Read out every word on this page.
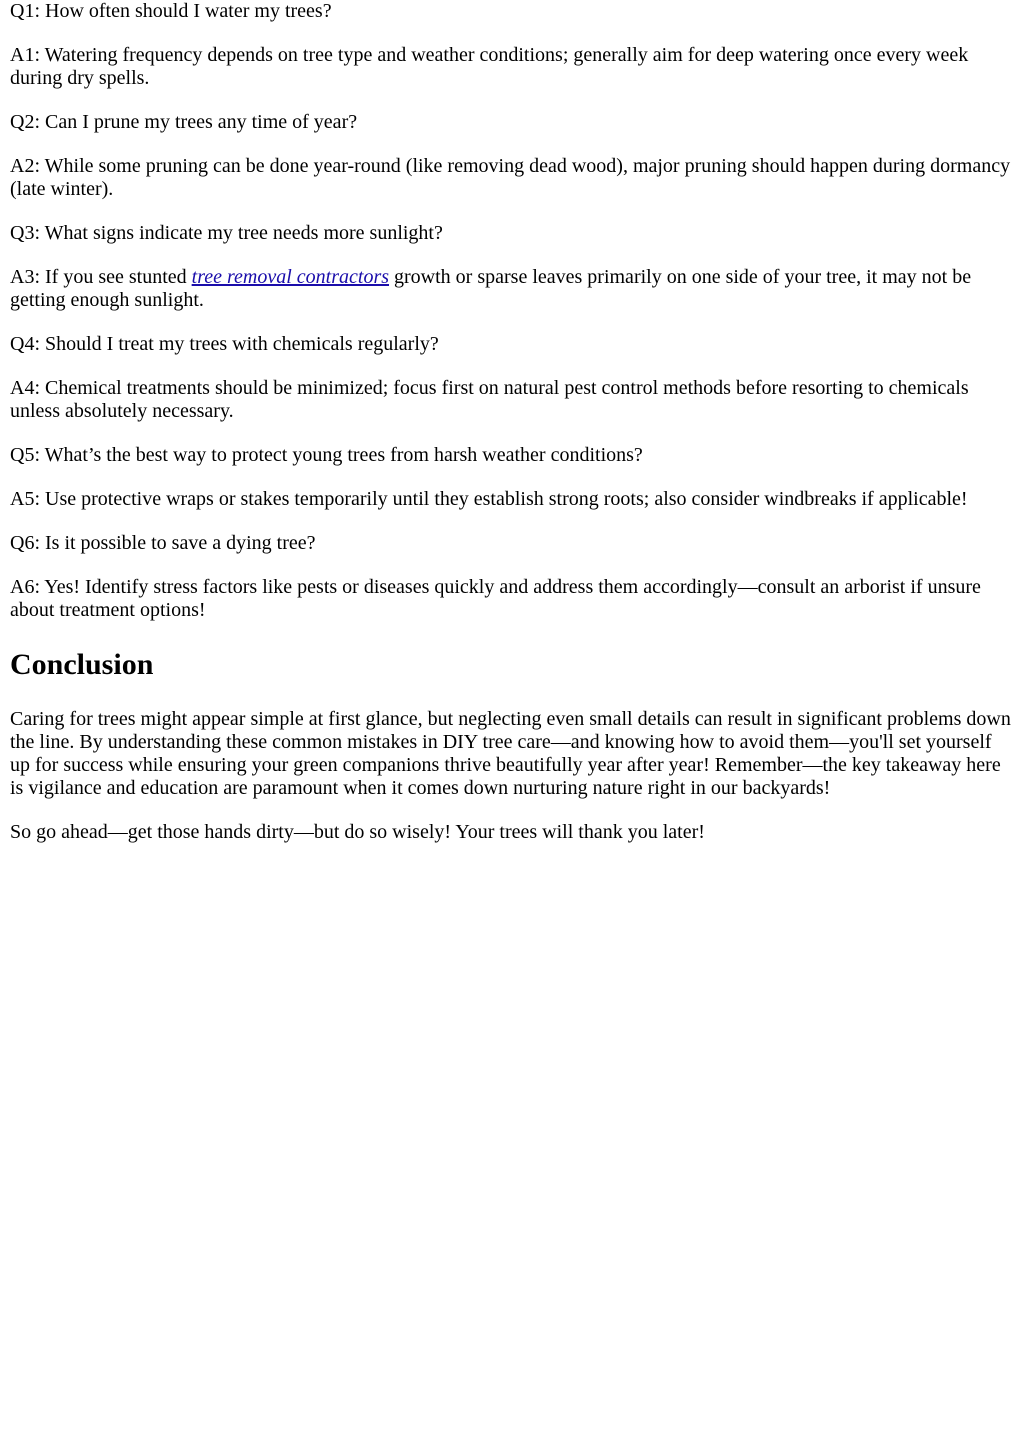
Q1: How often should I water my trees?

A1: Watering frequency depends on tree type and weather conditions; generally aim for deep watering once every week during dry spells.

Q2: Can I prune my trees any time of year?

A2: While some pruning can be done year-round (like removing dead wood), major pruning should happen during dormancy (late winter).

Q3: What signs indicate my tree needs more sunlight?

A3: If you see stunted tree removal contractors growth or sparse leaves primarily on one side of your tree, it may not be getting enough sunlight.

Q4: Should I treat my trees with chemicals regularly?

A4: Chemical treatments should be minimized; focus first on natural pest control methods before resorting to chemicals unless absolutely necessary.

Q5: What’s the best way to protect young trees from harsh weather conditions?

A5: Use protective wraps or stakes temporarily until they establish strong roots; also consider windbreaks if applicable!

Q6: Is it possible to save a dying tree?

A6: Yes! Identify stress factors like pests or diseases quickly and address them accordingly—consult an arborist if unsure about treatment options!

Conclusion

Caring for trees might appear simple at first glance, but neglecting even small details can result in significant problems down the line. By understanding these common mistakes in DIY tree care—and knowing how to avoid them—you'll set yourself up for success while ensuring your green companions thrive beautifully year after year! Remember—the key takeaway here is vigilance and education are paramount when it comes down nurturing nature right in our backyards!

So go ahead—get those hands dirty—but do so wisely! Your trees will thank you later!
